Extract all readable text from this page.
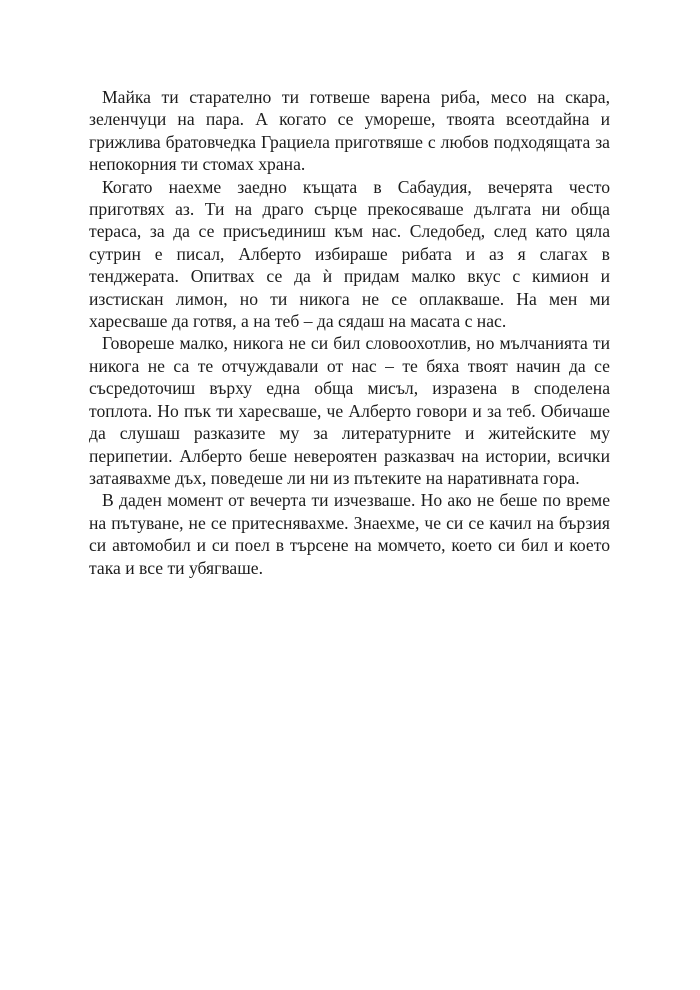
Майка ти старателно ти готвеше варена риба, месо на скара,
зеленчуци на пара. А когато се умореше, твоята всеотдайна и
грижлива братовчедка Грациела приготвяше с любов подходящата за
непокорния ти стомах храна.
Когато наехме заедно къщата в Сабаудия, вечерята често
приготвях аз. Ти на драго сърце прекосяваше дългата ни обща
тераса, за да се присъединиш към нас. Следобед, след като цяла
сутрин е писал, Алберто избираше рибата и аз я слагах в
тенджерата. Опитвах се да ѝ придам малко вкус с кимион и
изстискан лимон, но ти никога не се оплакваше. На мен ми
харесваше да готвя, а на теб – да сядаш на масата с нас.
Говореше малко, никога не си бил словоохотлив, но мълчанията ти
никога не са те отчуждавали от нас – те бяха твоят начин да се
съсредоточиш върху една обща мисъл, изразена в споделена
топлота. Но пък ти харесваше, че Алберто говори и за теб. Обичаше
да слушаш разказите му за литературните и житейските му
перипетии. Алберто беше невероятен разказвач на истории, всички
затаявахме дъх, поведеше ли ни из пътеките на наративната гора.
В даден момент от вечерта ти изчезваше. Но ако не беше по време
на пътуване, не се притеснявахме. Знаехме, че си се качил на бързия
си автомобил и си поел в търсене на момчето, което си бил и което
така и все ти убягваше.
